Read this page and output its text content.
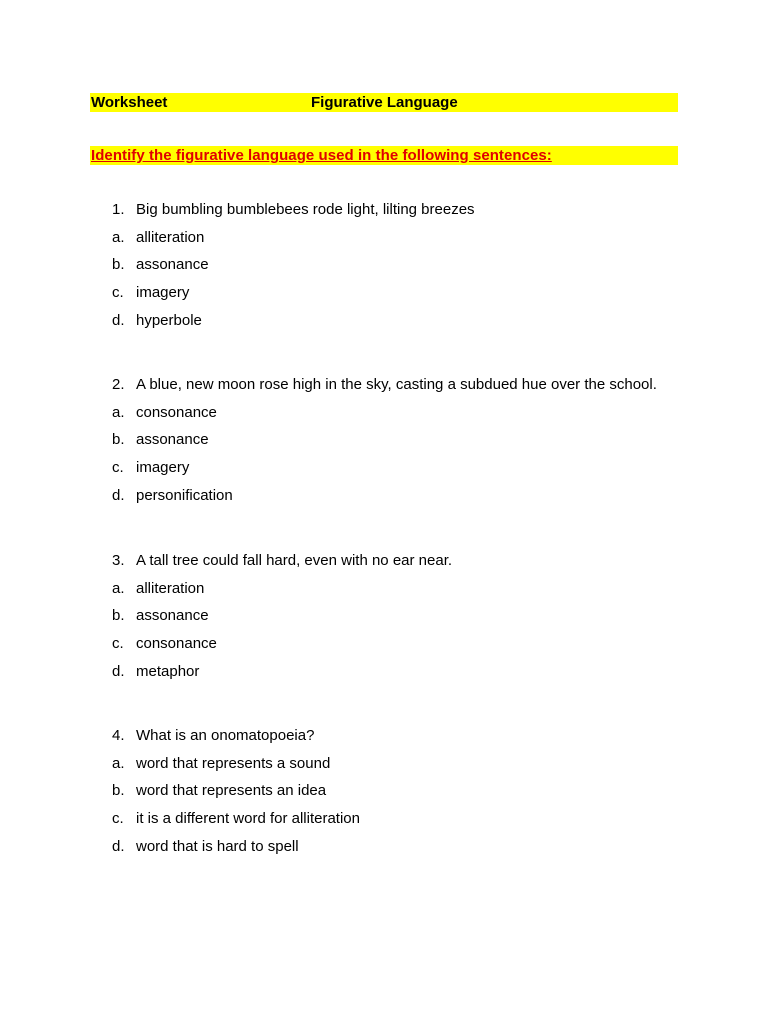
Worksheet	Figurative Language
Identify the figurative language used in the following sentences:
1. Big bumbling bumblebees rode light, lilting breezes
a. alliteration
b. assonance
c. imagery
d. hyperbole
2. A blue, new moon rose high in the sky, casting a subdued hue over the school.
a. consonance
b. assonance
c. imagery
d. personification
3. A tall tree could fall hard, even with no ear near.
a. alliteration
b. assonance
c. consonance
d. metaphor
4. What is an onomatopoeia?
a. word that represents a sound
b. word that represents an idea
c. it is a different word for alliteration
d. word that is hard to spell
